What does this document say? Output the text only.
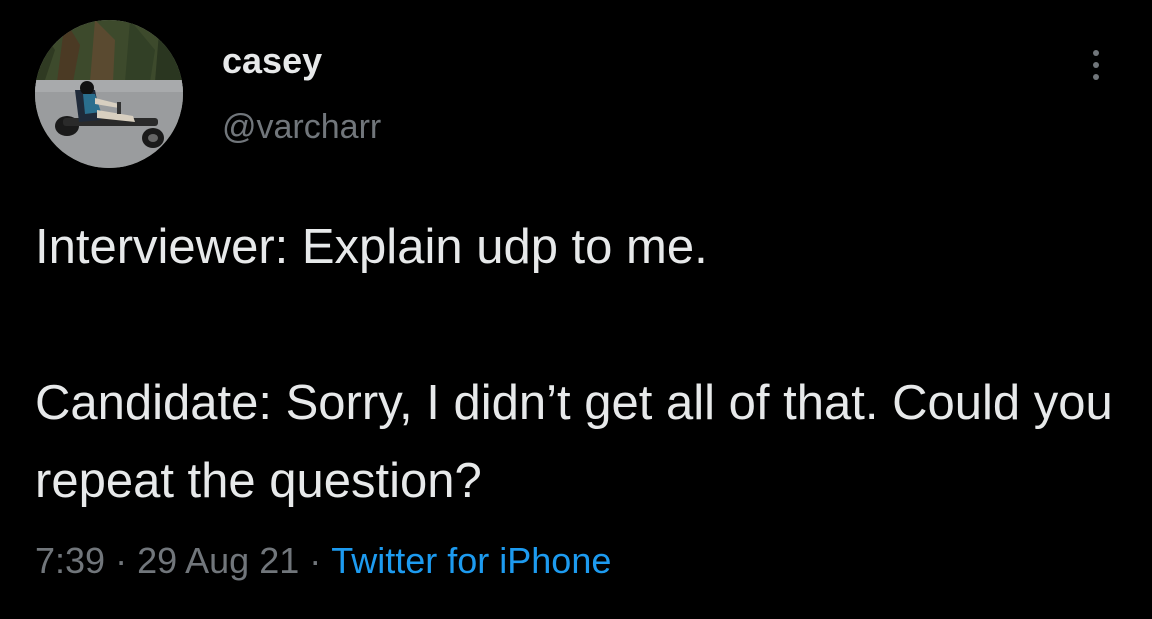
casey
@varcharr

Interviewer: Explain udp to me.

Candidate: Sorry, I didn’t get all of that. Could you repeat the question?

7:39 · 29 Aug 21 · Twitter for iPhone
